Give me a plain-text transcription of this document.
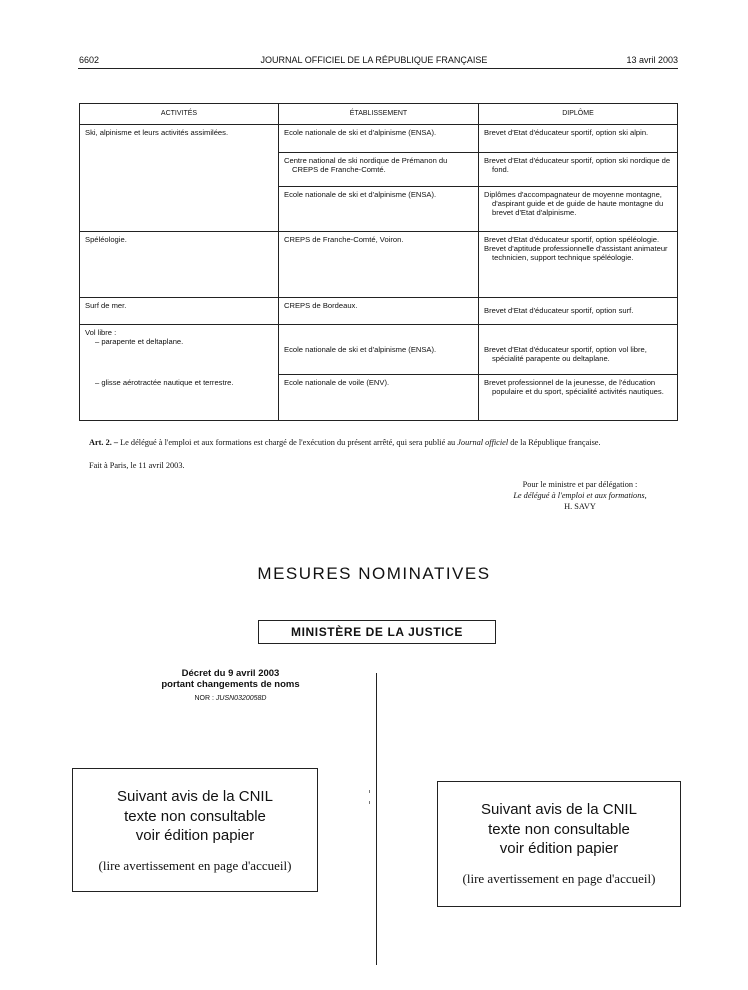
6602	JOURNAL OFFICIEL DE LA RÉPUBLIQUE FRANÇAISE	13 avril 2003
ACTIVITÉS	ÉTABLISSEMENT	DIPLÔME
Ski, alpinisme et leurs activités assimilées.	Ecole nationale de ski et d'alpinisme (ENSA).	Brevet d'Etat d'éducateur sportif, option ski alpin.

	Centre national de ski nordique de Prémanon du CREPS de Franche-Comté.	Brevet d'Etat d'éducateur sportif, option ski nordique de fond.

	Ecole nationale de ski et d'alpinisme (ENSA).	Diplômes d'accompagnateur de moyenne montagne, d'aspirant guide et de guide de haute montagne du brevet d'Etat d'alpinisme.

Spéléologie.	CREPS de Franche-Comté, Voiron.	Brevet d'Etat d'éducateur sportif, option spéléologie.
Brevet d'aptitude professionnelle d'assistant animateur technicien, support technique spéléologie.

Surf de mer.	CREPS de Bordeaux.	Brevet d'Etat d'éducateur sportif, option surf.

Vol libre :
– parapente et deltaplane.	Ecole nationale de ski et d'alpinisme (ENSA).	Brevet d'Etat d'éducateur sportif, option vol libre, spécialité parapente ou deltaplane.

– glisse aérotractée nautique et terrestre.	Ecole nationale de voile (ENV).	Brevet professionnel de la jeunesse, de l'éducation populaire et du sport, spécialité activités nautiques.
Art. 2. – Le délégué à l'emploi et aux formations est chargé de l'exécution du présent arrêté, qui sera publié au Journal officiel de la République française.
Fait à Paris, le 11 avril 2003.
Pour le ministre et par délégation :
Le délégué à l'emploi et aux formations,
H. SAVY
MESURES NOMINATIVES
MINISTÈRE DE LA JUSTICE
Décret du 9 avril 2003
portant changements de noms
NOR : JUSN0320058D
Suivant avis de la CNIL
texte non consultable
voir édition papier
(lire avertissement en page d'accueil)
Suivant avis de la CNIL
texte non consultable
voir édition papier
(lire avertissement en page d'accueil)
